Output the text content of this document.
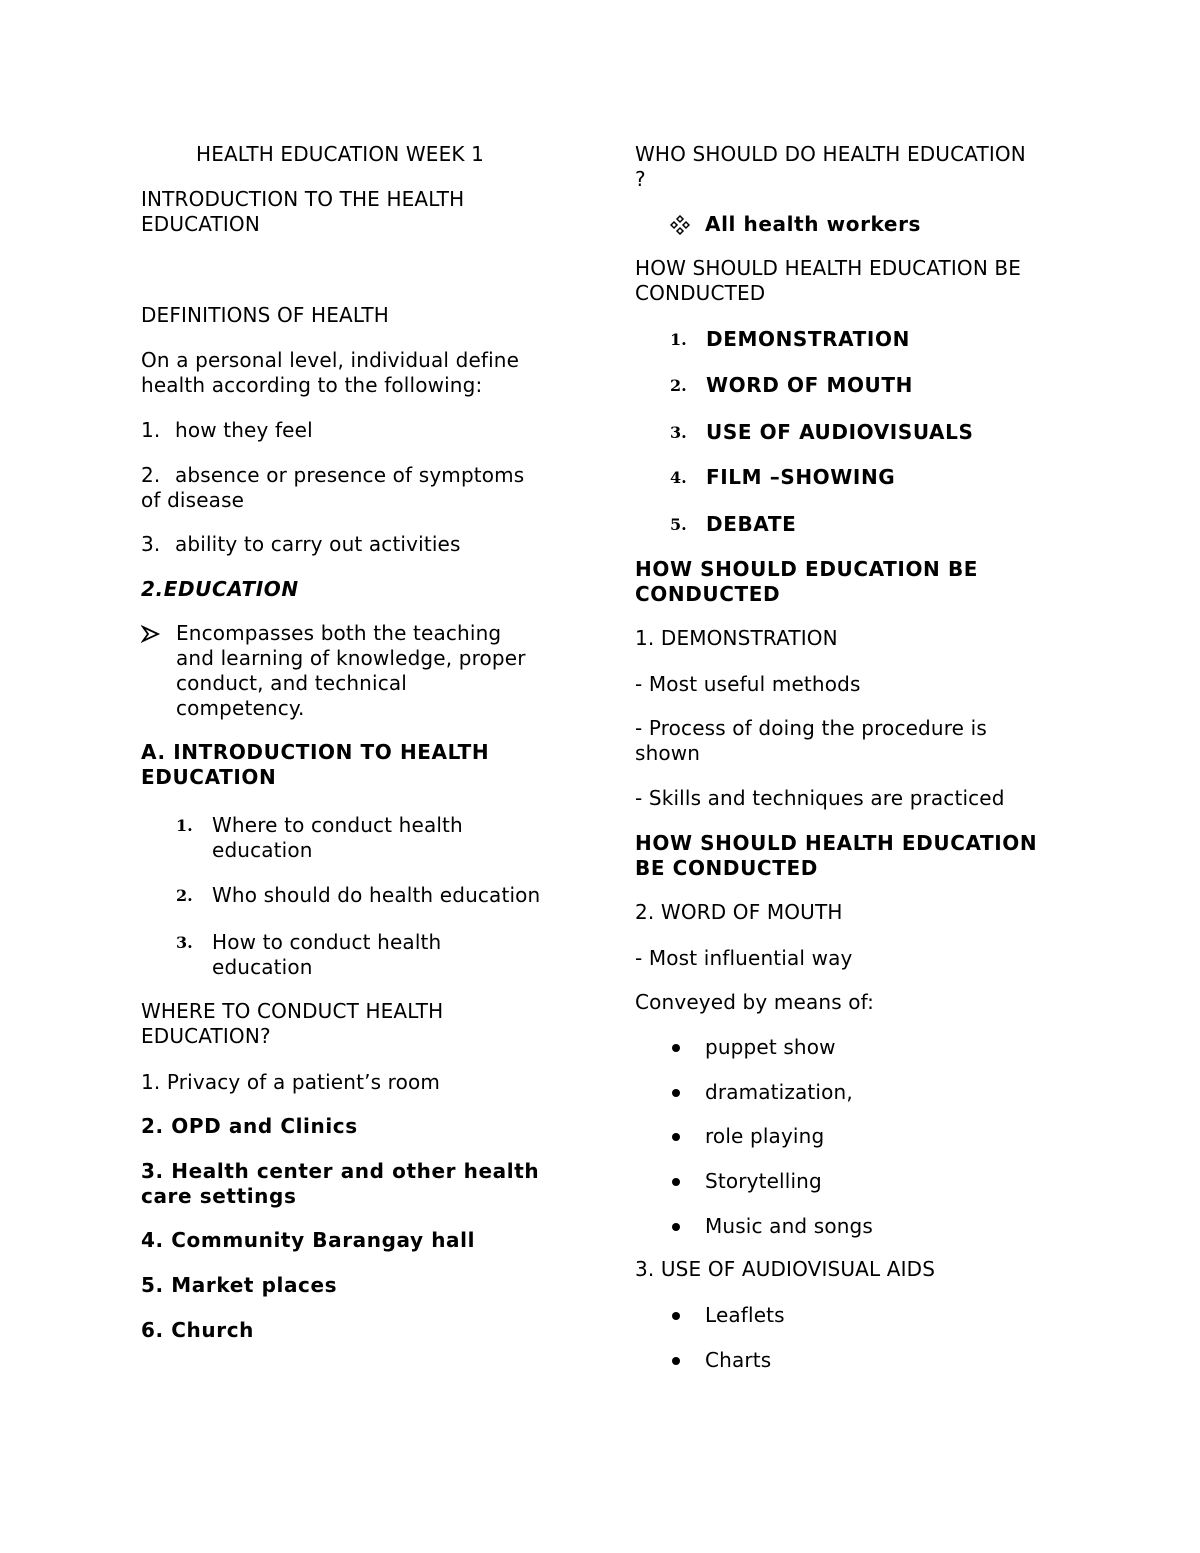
HEALTH EDUCATION WEEK 1

INTRODUCTION TO THE HEALTH
EDUCATION

DEFINITIONS OF HEALTH

On a personal level, individual define
health according to the following:
1. how they feel
2. absence or presence of symptoms
of disease
3. ability to carry out activities

2.EDUCATION

Encompasses both the teaching
and learning of knowledge, proper
conduct, and technical
competency.
A. INTRODUCTION TO HEALTH
EDUCATION
1. Where to conduct health
education
2. Who should do health education
3. How to conduct health
education
WHERE TO CONDUCT HEALTH
EDUCATION?

1. Privacy of a patient’s room

2. OPD and Clinics

3. Health center and other health
care settings

4. Community Barangay hall

5. Market places

6. Church

WHO SHOULD DO HEALTH EDUCATION
?
All health workers
HOW SHOULD HEALTH EDUCATION BE
CONDUCTED
1. DEMONSTRATION
2. WORD OF MOUTH
3. USE OF AUDIOVISUALS
4. FILM –SHOWING
5. DEBATE
HOW SHOULD EDUCATION BE
CONDUCTED

1. DEMONSTRATION

- Most useful methods

- Process of doing the procedure is
shown

- Skills and techniques are practiced

HOW SHOULD HEALTH EDUCATION
BE CONDUCTED

2. WORD OF MOUTH

- Most influential way

Conveyed by means of:

puppet show
dramatization,
role playing
Storytelling
Music and songs

3. USE OF AUDIOVISUAL AIDS

Leaflets
Charts
